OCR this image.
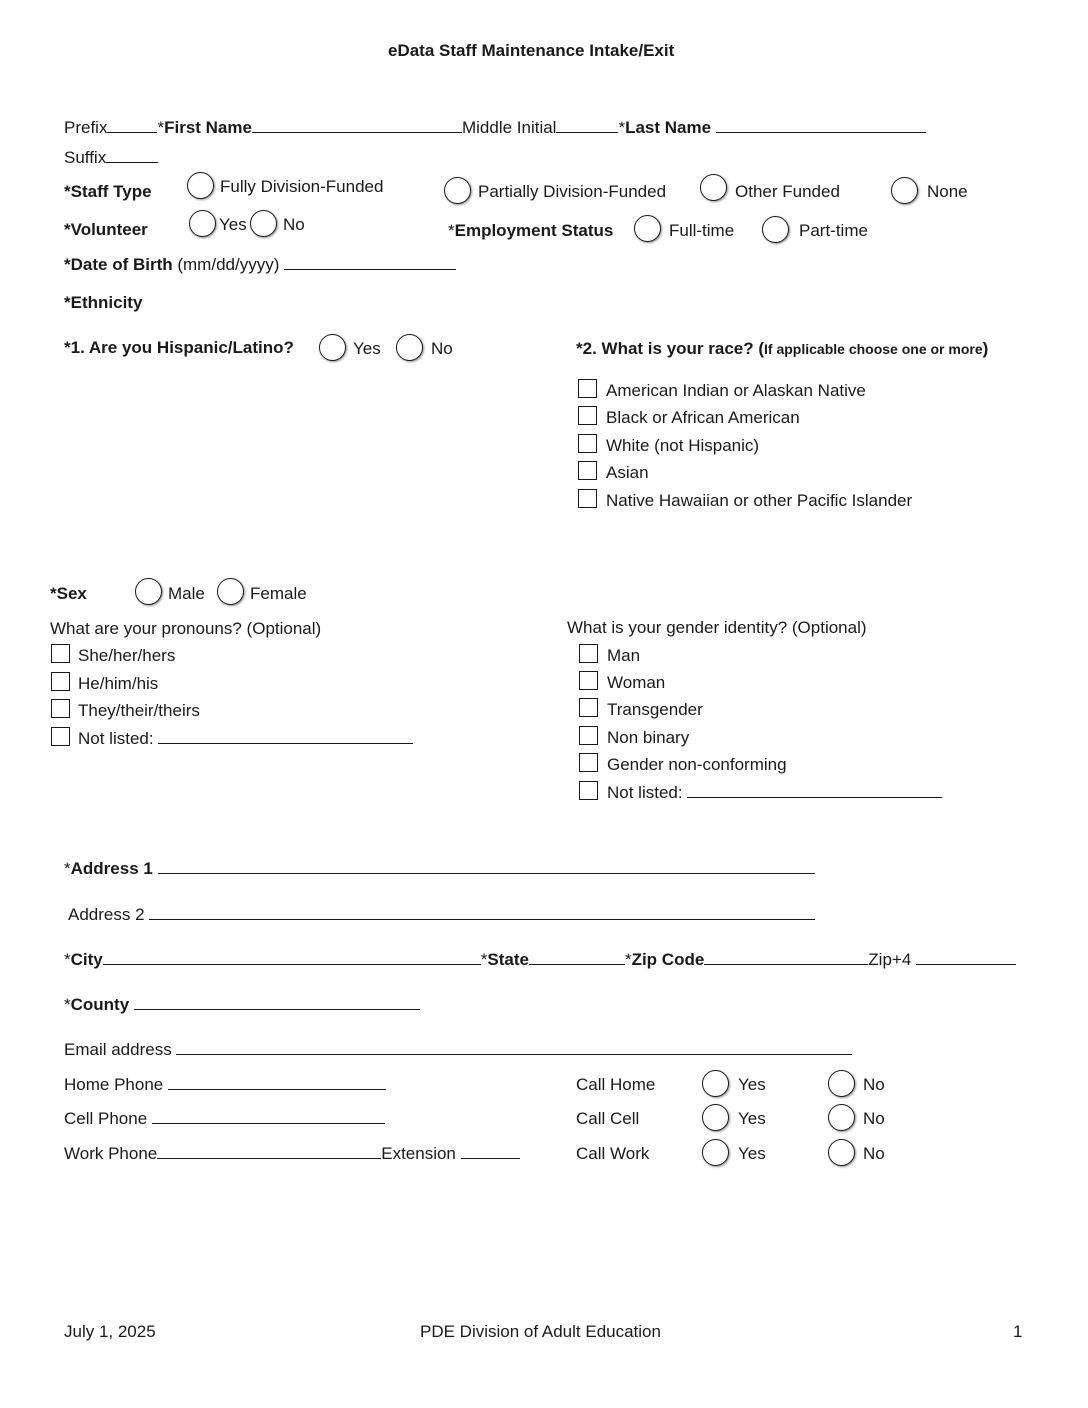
eData Staff Maintenance Intake/Exit
Prefix	*First Name	Middle Initial	*Last Name
Suffix
*Staff Type	Fully Division-Funded	Partially Division-Funded	Other Funded	None
*Volunteer	Yes No	*Employment Status	Full-time	Part-time
*Date of Birth (mm/dd/yyyy)
*Ethnicity
*1. Are you Hispanic/Latino?	Yes	No	*2. What is your race? (If applicable choose one or more)
American Indian or Alaskan Native
Black or African American
White (not Hispanic)
Asian
Native Hawaiian or other Pacific Islander
*Sex	Male	Female
What are your pronouns? (Optional)
She/her/hers
He/him/his
They/their/theirs
Not listed:
What is your gender identity? (Optional)
Man
Woman
Transgender
Non binary
Gender non-conforming
Not listed:
*Address 1
Address 2
*City	*State	*Zip Code	Zip+4
*County
Email address
Home Phone
Cell Phone
Work Phone	Extension
Call Home	Yes	No
Call Cell	Yes	No
Call Work	Yes	No
July 1, 2025	PDE Division of Adult Education	1
